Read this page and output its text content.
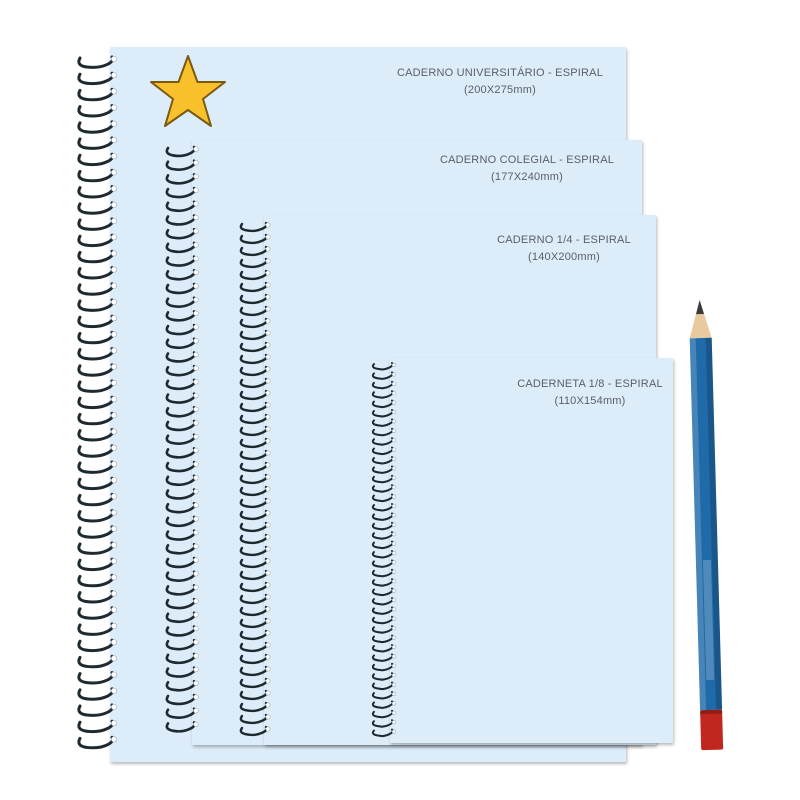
CADERNO UNIVERSITÁRIO - ESPIRAL
(200X275mm)
CADERNO COLEGIAL - ESPIRAL
(177X240mm)
CADERNO 1/4 - ESPIRAL
(140X200mm)
CADERNETA 1/8 - ESPIRAL
(110X154mm)
